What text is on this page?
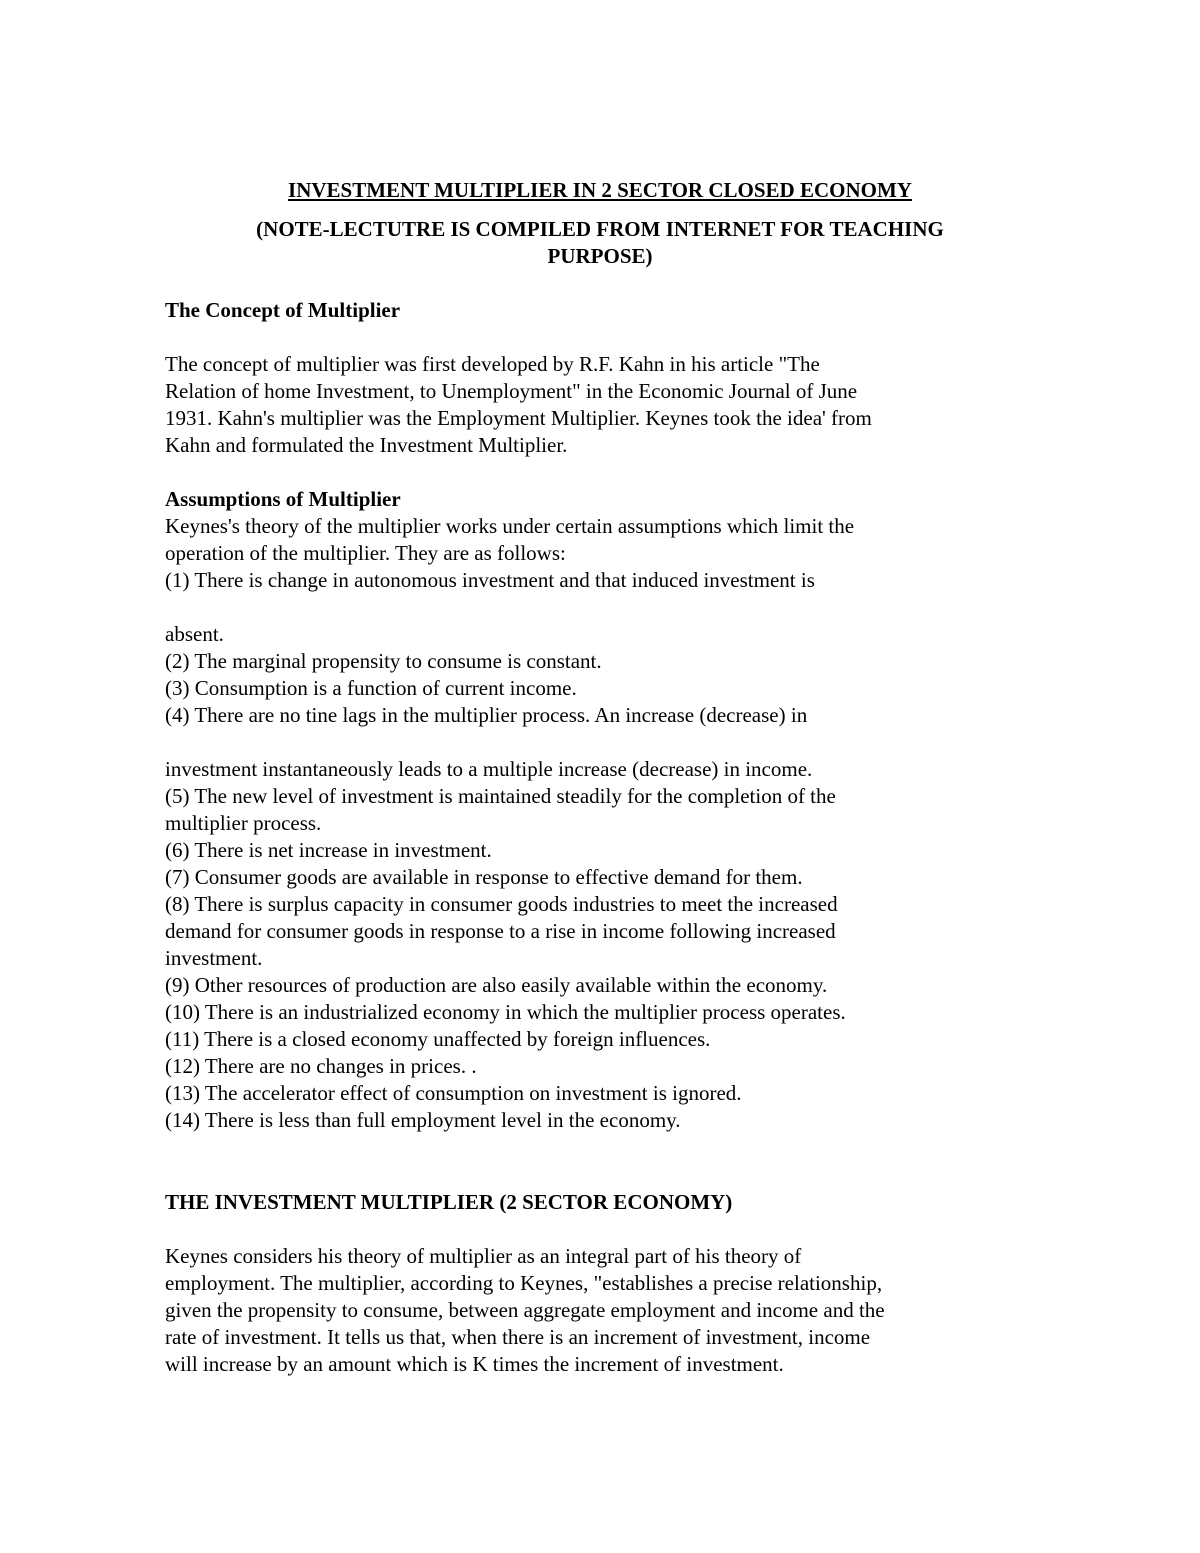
INVESTMENT MULTIPLIER IN 2 SECTOR CLOSED ECONOMY
(NOTE-LECTUTRE IS COMPILED FROM INTERNET FOR TEACHING
PURPOSE)
The Concept of Multiplier
The concept of multiplier was first developed by R.F. Kahn in his article "The
Relation of home Investment, to Unemployment" in the Economic Journal of June
1931. Kahn's multiplier was the Employment Multiplier. Keynes took the idea' from
Kahn and formulated the Investment Multiplier.
Assumptions of Multiplier
Keynes's theory of the multiplier works under certain assumptions which limit the
operation of the multiplier. They are as follows:
(1) There is change in autonomous investment and that induced investment is
absent.
(2) The marginal propensity to consume is constant.
(3) Consumption is a function of current income.
(4) There are no tine lags in the multiplier process. An increase (decrease) in
investment instantaneously leads to a multiple increase (decrease) in income.
(5) The new level of investment is maintained steadily for the completion of the
multiplier process.
(6) There is net increase in investment.
(7) Consumer goods are available in response to effective demand for them.
(8) There is surplus capacity in consumer goods industries to meet the increased
demand for consumer goods in response to a rise in income following increased
investment.
(9) Other resources of production are also easily available within the economy.
(10) There is an industrialized economy in which the multiplier process operates.
(11) There is a closed economy unaffected by foreign influences.
(12) There are no changes in prices. .
(13) The accelerator effect of consumption on investment is ignored.
(14) There is less than full employment level in the economy.
THE INVESTMENT MULTIPLIER (2 SECTOR ECONOMY)
Keynes considers his theory of multiplier as an integral part of his theory of
employment. The multiplier, according to Keynes, "establishes a precise relationship,
given the propensity to consume, between aggregate employment and income and the
rate of investment. It tells us that, when there is an increment of investment, income
will increase by an amount which is K times the increment of investment.
